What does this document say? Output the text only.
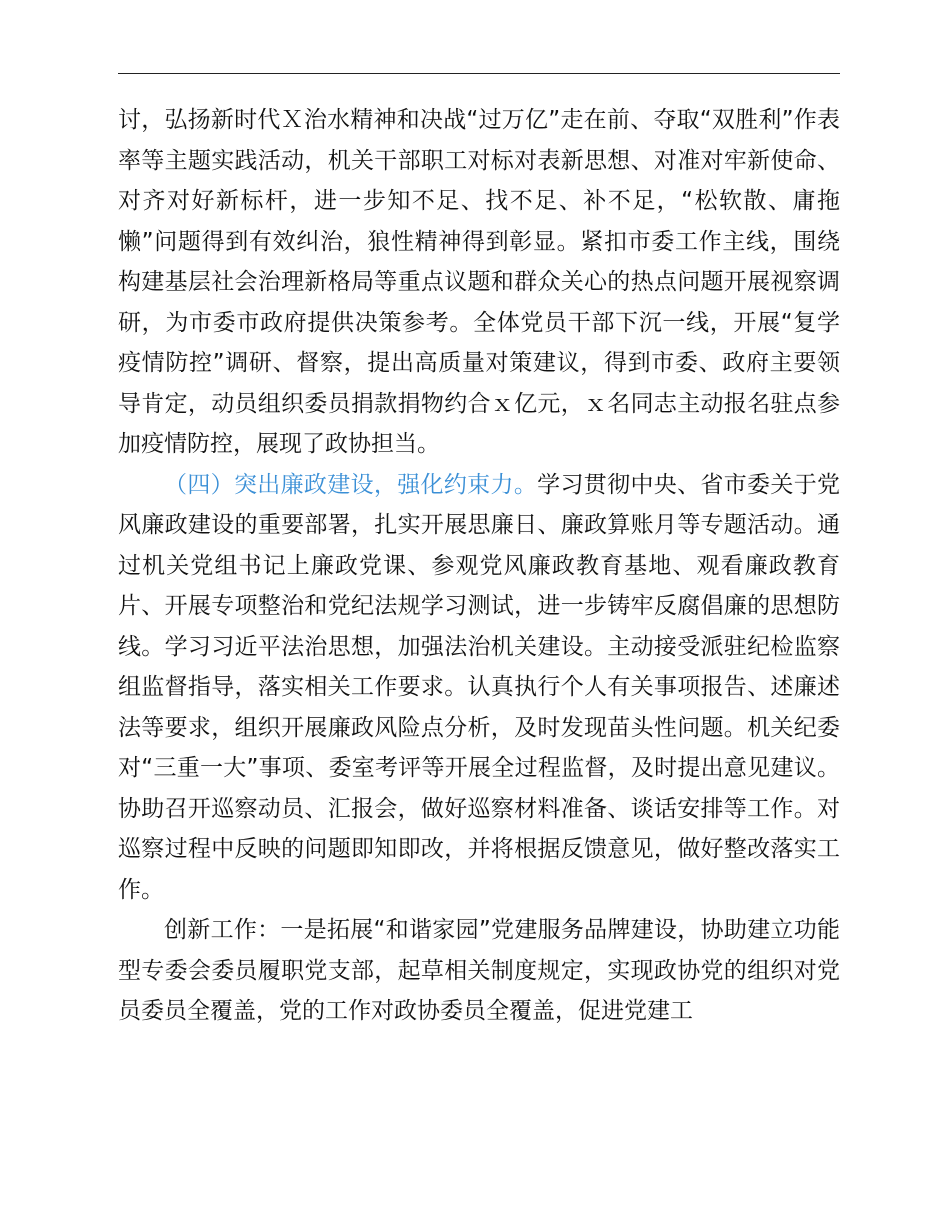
讨，弘扬新时代Ｘ治水精神和决战“过万亿”走在前、夺取“双胜利”作表率等主题实践活动，机关干部职工对标对表新思想、对准对牢新使命、对齐对好新标杆，进一步知不足、找不足、补不足，“松软散、庸拖懒”问题得到有效纠治，狼性精神得到彰显。紧扣市委工作主线，围绕构建基层社会治理新格局等重点议题和群众关心的热点问题开展视察调研，为市委市政府提供决策参考。全体党员干部下沉一线，开展“复学疫情防控”调研、督察，提出高质量对策建议，得到市委、政府主要领导肯定，动员组织委员捐款捐物约合ｘ亿元，ｘ名同志主动报名驻点参加疫情防控，展现了政协担当。

（四）突出廉政建设，强化约束力。学习贯彻中央、省市委关于党风廉政建设的重要部署，扎实开展思廉日、廉政算账月等专题活动。通过机关党组书记上廉政党课、参观党风廉政教育基地、观看廉政教育片、开展专项整治和党纪法规学习测试，进一步铸牢反腐倡廉的思想防线。学习习近平法治思想，加强法治机关建设。主动接受派驻纪检监察组监督指导，落实相关工作要求。认真执行个人有关事项报告、述廉述法等要求，组织开展廉政风险点分析，及时发现苗头性问题。机关纪委对“三重一大”事项、委室考评等开展全过程监督，及时提出意见建议。协助召开巡察动员、汇报会，做好巡察材料准备、谈话安排等工作。对巡察过程中反映的问题即知即改，并将根据反馈意见，做好整改落实工作。

创新工作：一是拓展“和谐家园”党建服务品牌建设，协助建立功能型专委会委员履职党支部，起草相关制度规定，实现政协党的组织对党员委员全覆盖，党的工作对政协委员全覆盖，促进党建工
